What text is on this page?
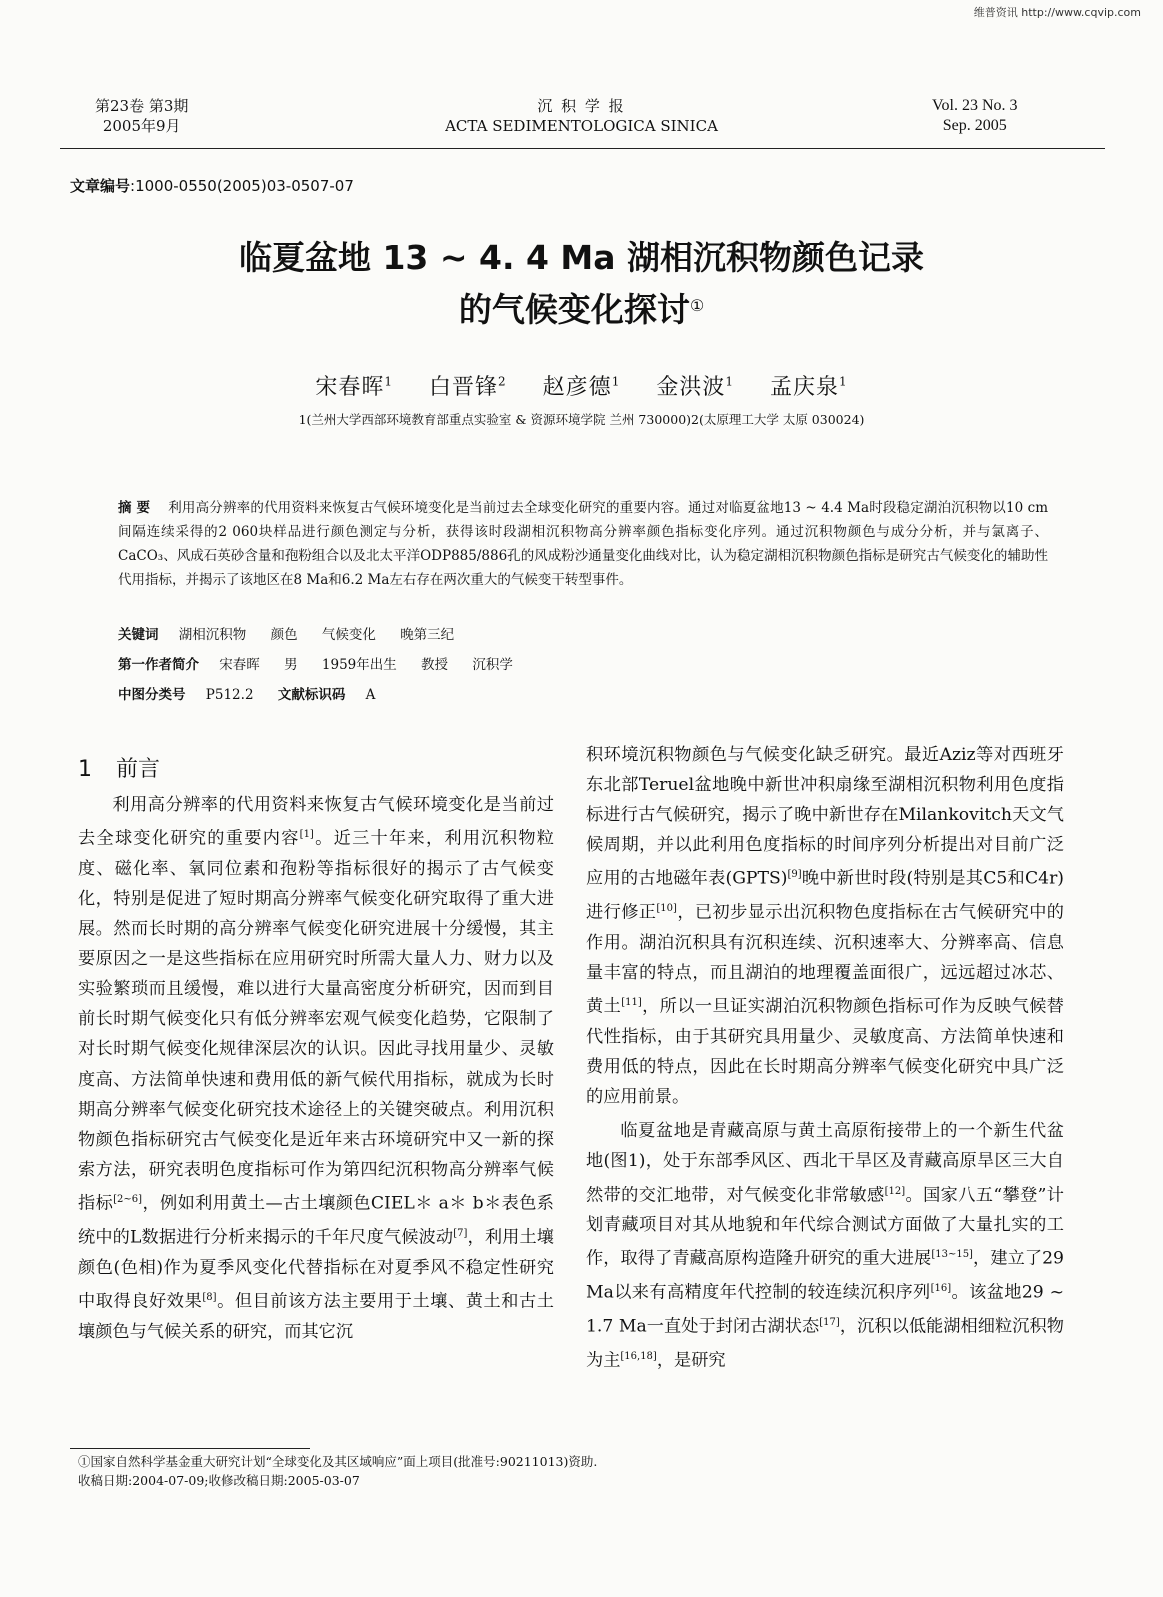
维普资讯 http://www.cqvip.com
第23卷 第3期
2005年9月
沉 积 学 报
ACTA SEDIMENTOLOGICA SINICA
Vol. 23 No. 3
Sep. 2005
文章编号:1000-0550(2005)03-0507-07
临夏盆地 13 ~ 4. 4 Ma 湖相沉积物颜色记录
的气候变化探讨①
宋春晖$^1$ 白晋锋$^2$ 赵彦德$^1$ 金洪波$^1$ 孟庆泉$^1$
1(兰州大学西部环境教育部重点实验室 & 资源环境学院 兰州 730000)2(太原理工大学 太原 030024)
摘 要 利用高分辨率的代用资料来恢复古气候环境变化是当前过去全球变化研究的重要内容。通过对临夏盆地13 ~ 4.4 Ma时段稳定湖泊沉积物以10 cm间隔连续采得的2 060块样品进行颜色测定与分析，获得该时段湖相沉积物高分辨率颜色指标变化序列。通过沉积物颜色与成分分析，并与氯离子、CaCO₃、风成石英砂含量和孢粉组合以及北太平洋ODP885/886孔的风成粉沙通量变化曲线对比，认为稳定湖相沉积物颜色指标是研究古气候变化的辅助性代用指标，并揭示了该地区在8 Ma和6.2 Ma左右存在两次重大的气候变干转型事件。
关键词 湖相沉积物 颜色 气候变化 晚第三纪
第一作者简介 宋春晖 男 1959年出生 教授 沉积学
中图分类号 P512.2 文献标识码 A
1 前言

利用高分辨率的代用资料来恢复古气候环境变化是当前过去全球变化研究的重要内容[1]。近三十年来，利用沉积物粒度、磁化率、氧同位素和孢粉等指标很好的揭示了古气候变化，特别是促进了短时期高分辨率气候变化研究取得了重大进展。然而长时期的高分辨率气候变化研究进展十分缓慢，其主要原因之一是这些指标在应用研究时所需大量人力、财力以及实验繁琐而且缓慢，难以进行大量高密度分析研究，因而到目前长时期气候变化只有低分辨率宏观气候变化趋势，它限制了对长时期气候变化规律深层次的认识。因此寻找用量少、灵敏度高、方法简单快速和费用低的新气候代用指标，就成为长时期高分辨率气候变化研究技术途径上的关键突破点。利用沉积物颜色指标研究古气候变化是近年来古环境研究中又一新的探索方法，研究表明色度指标可作为第四纪沉积物高分辨率气候指标[2~6]，例如利用黄土—古土壤颜色CIEL＊ a＊ b＊表色系统中的L数据进行分析来揭示的千年尺度气候波动[7]，利用土壤颜色(色相)作为夏季风变化代替指标在对夏季风不稳定性研究中取得良好效果[8]。但目前该方法主要用于土壤、黄土和古土壤颜色与气候关系的研究，而其它沉

积环境沉积物颜色与气候变化缺乏研究。最近Aziz等对西班牙东北部Teruel盆地晚中新世冲积扇缘至湖相沉积物利用色度指标进行古气候研究，揭示了晚中新世存在Milankovitch天文气候周期，并以此利用色度指标的时间序列分析提出对目前广泛应用的古地磁年表(GPTS)[9]晚中新世时段(特别是其C5和C4r)进行修正[10]，已初步显示出沉积物色度指标在古气候研究中的作用。湖泊沉积具有沉积连续、沉积速率大、分辨率高、信息量丰富的特点，而且湖泊的地理覆盖面很广，远远超过冰芯、黄土[11]，所以一旦证实湖泊沉积物颜色指标可作为反映气候替代性指标，由于其研究具用量少、灵敏度高、方法简单快速和费用低的特点，因此在长时期高分辨率气候变化研究中具广泛的应用前景。

临夏盆地是青藏高原与黄土高原衔接带上的一个新生代盆地(图1)，处于东部季风区、西北干旱区及青藏高原旱区三大自然带的交汇地带，对气候变化非常敏感[12]。国家八五“攀登”计划青藏项目对其从地貌和年代综合测试方面做了大量扎实的工作，取得了青藏高原构造隆升研究的重大进展[13~15]，建立了29 Ma以来有高精度年代控制的较连续沉积序列[16]。该盆地29 ~ 1.7 Ma一直处于封闭古湖状态[17]，沉积以低能湖相细粒沉积物为主[16,18]，是研究

①国家自然科学基金重大研究计划“全球变化及其区域响应”面上项目(批准号:90211013)资助.
收稿日期:2004-07-09;收修改稿日期:2005-03-07
